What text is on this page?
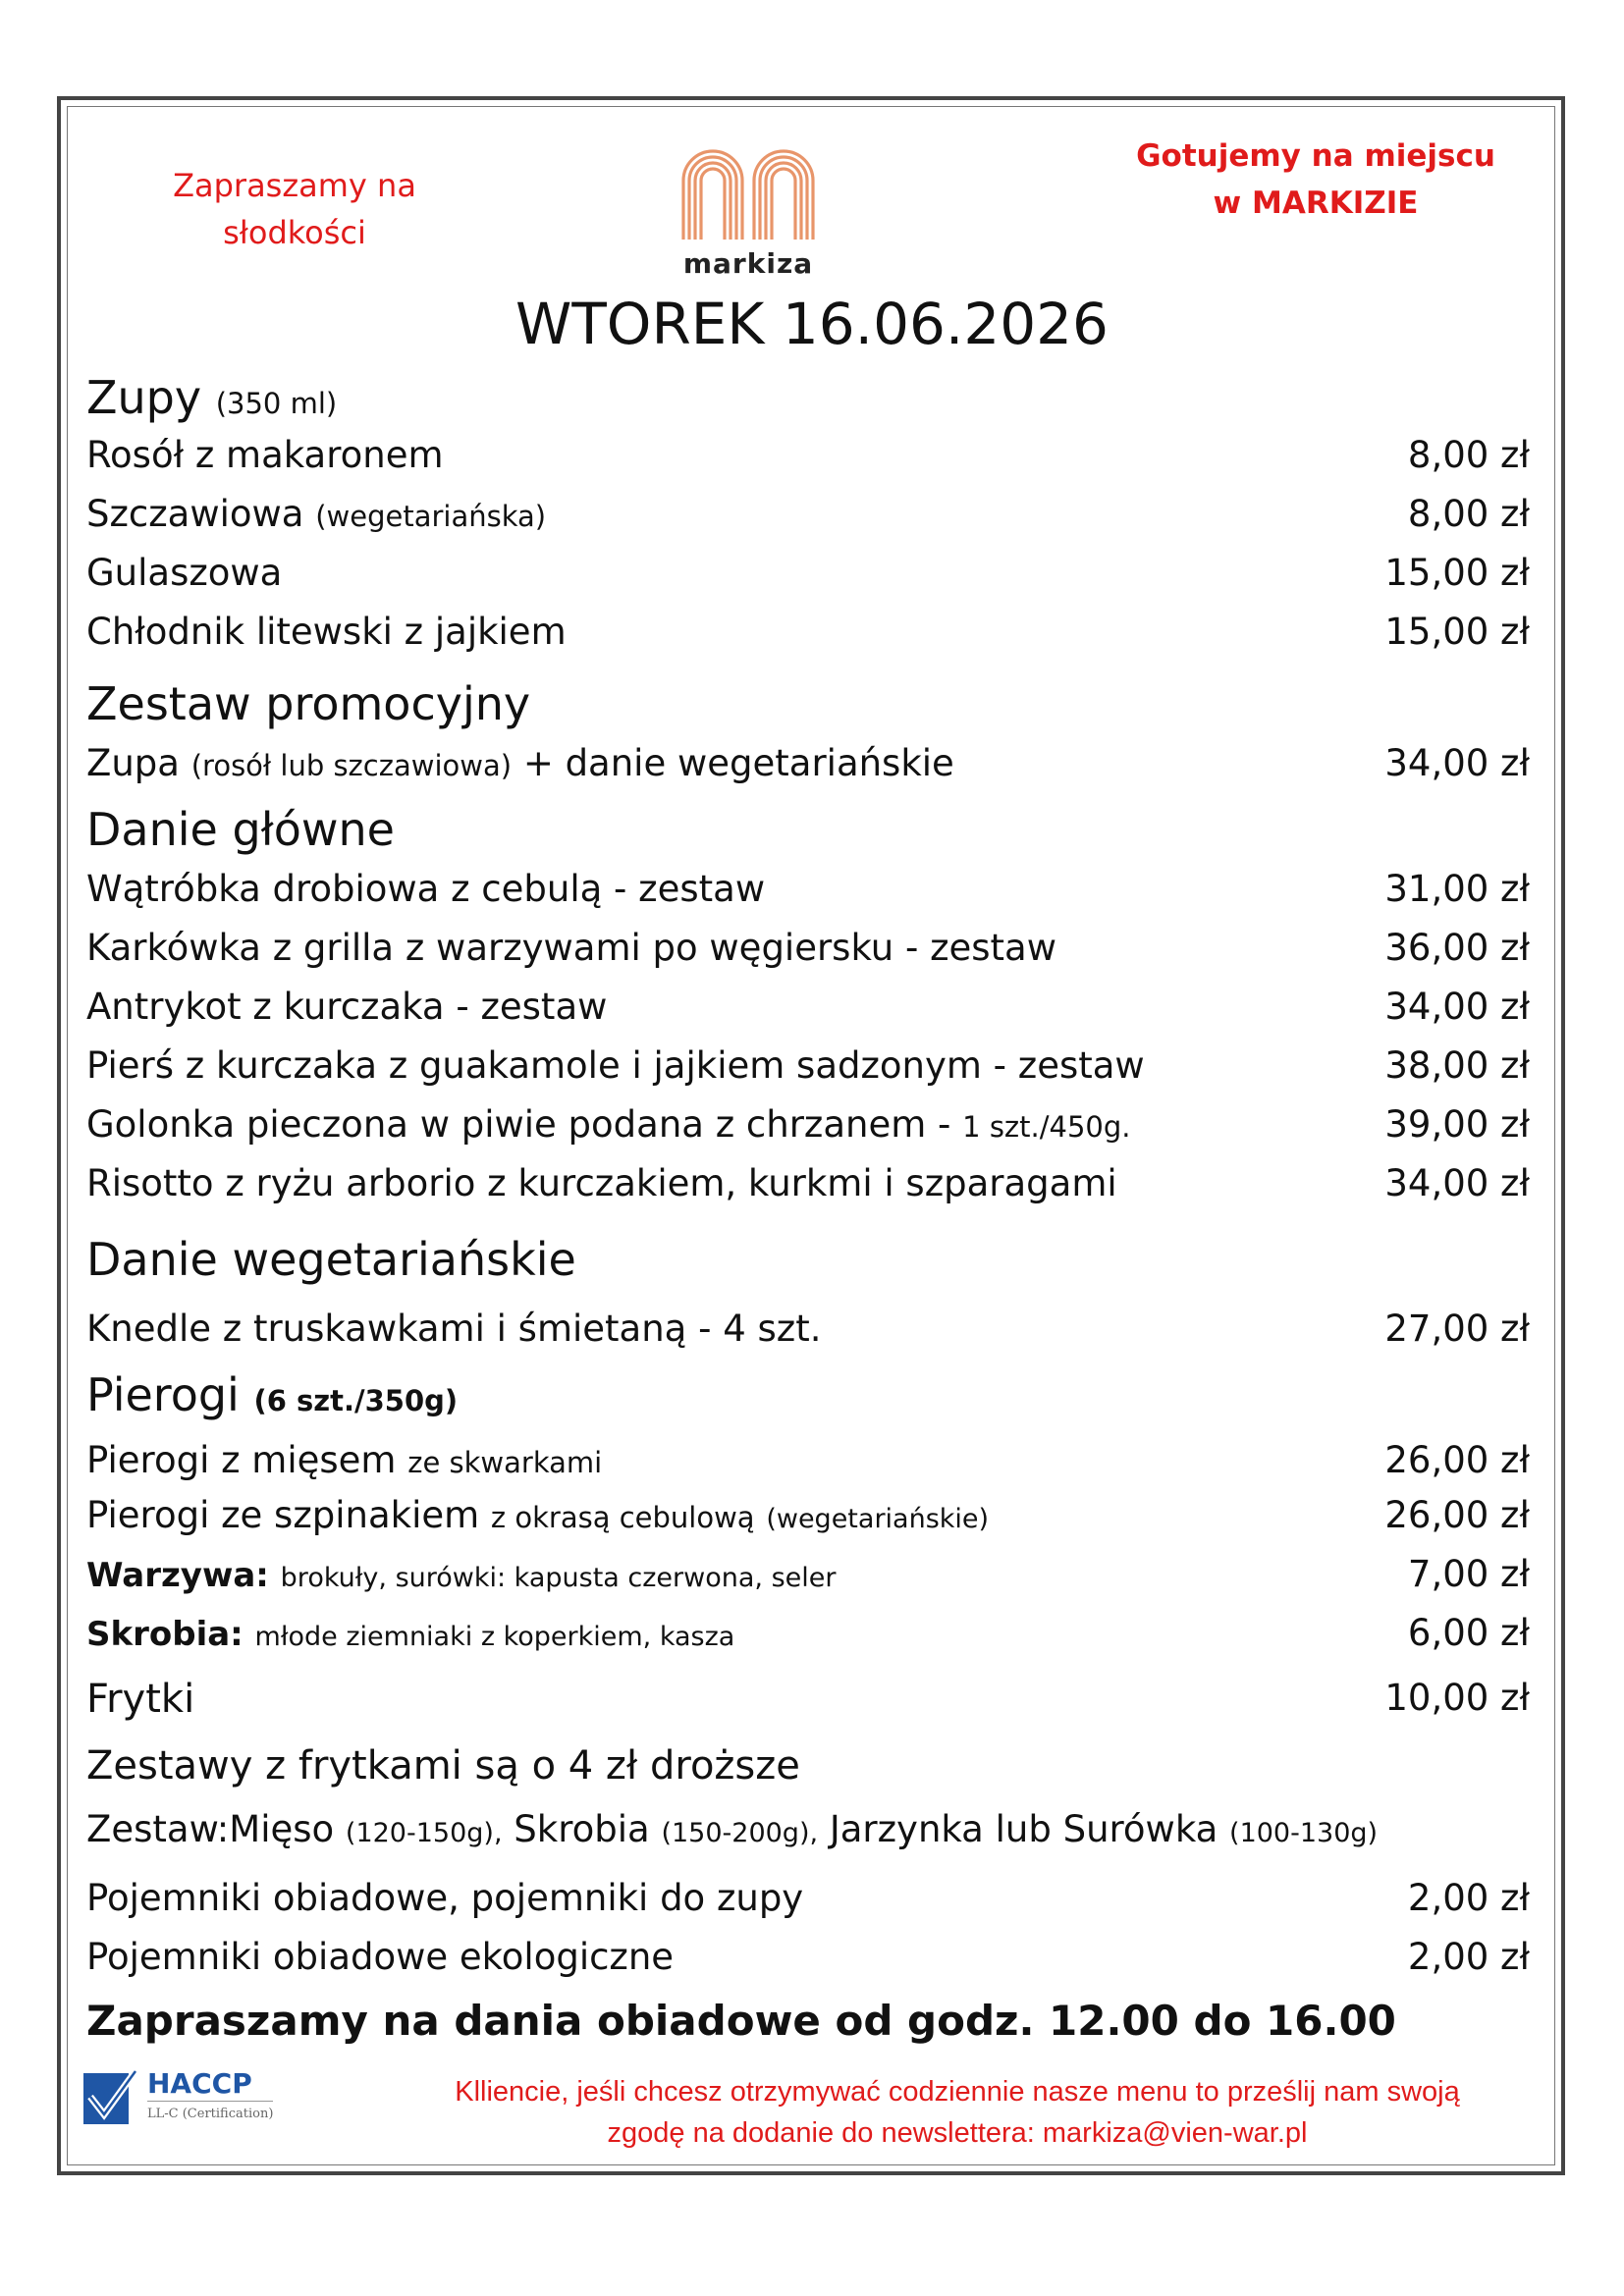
Zapraszamy na
słodkości
markiza
Gotujemy na miejscu
w MARKIZIE
WTOREK 16.06.2026
Zupy (350 ml)
Rosół z makaronem	8,00 zł
Szczawiowa (wegetariańska)	8,00 zł
Gulaszowa	15,00 zł
Chłodnik litewski z jajkiem	15,00 zł
Zestaw promocyjny
Zupa (rosół lub szczawiowa) + danie wegetariańskie	34,00 zł
Danie główne
Wątróbka drobiowa z cebulą - zestaw	31,00 zł
Karkówka z grilla z warzywami po węgiersku - zestaw	36,00 zł
Antrykot z kurczaka - zestaw	34,00 zł
Pierś z kurczaka z guakamole i jajkiem sadzonym - zestaw	38,00 zł
Golonka pieczona w piwie podana z chrzanem - 1 szt./450g.	39,00 zł
Risotto z ryżu arborio z kurczakiem, kurkmi i szparagami	34,00 zł
Danie wegetariańskie
Knedle z truskawkami i śmietaną - 4 szt.	27,00 zł
Pierogi (6 szt./350g)
Pierogi z mięsem ze skwarkami	26,00 zł
Pierogi ze szpinakiem z okrasą cebulową (wegetariańskie)	26,00 zł
Warzywa: brokuły, surówki: kapusta czerwona, seler	7,00 zł
Skrobia: młode ziemniaki z koperkiem, kasza	6,00 zł
Frytki	10,00 zł
Zestawy z frytkami są o 4 zł droższe
Zestaw:Mięso (120-150g), Skrobia (150-200g), Jarzynka lub Surówka (100-130g)
Pojemniki obiadowe, pojemniki do zupy	2,00 zł
Pojemniki obiadowe ekologiczne	2,00 zł
Zapraszamy na dania obiadowe od godz. 12.00 do 16.00
HACCP
LL-C (Certification)
Klliencie, jeśli chcesz otrzymywać codziennie nasze menu to prześlij nam swoją
zgodę na dodanie do newslettera: markiza@vien-war.pl
